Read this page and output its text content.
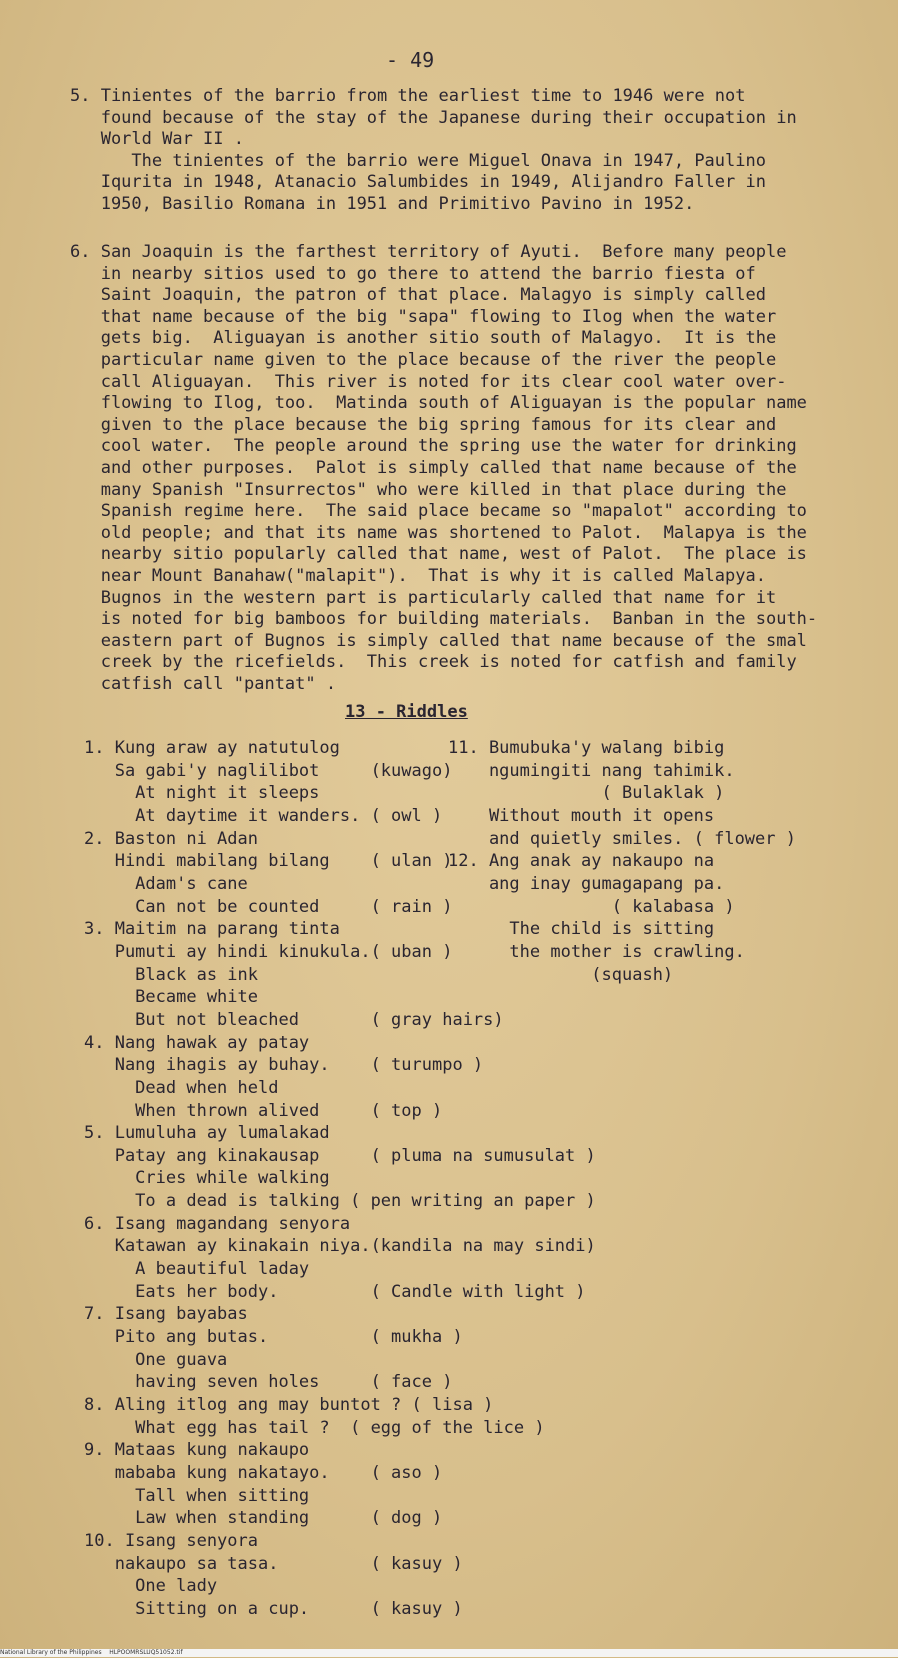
- 49
5. Tinientes of the barrio from the earliest time to 1946 were not
found because of the stay of the Japanese during their occupation in
World War II .
The tinientes of the barrio were Miguel Onava in 1947, Paulino
Iqurita in 1948, Atanacio Salumbides in 1949, Alijandro Faller in
1950, Basilio Romana in 1951 and Primitivo Pavino in 1952.
6. San Joaquin is the farthest territory of Ayuti.  Before many people
in nearby sitios used to go there to attend the barrio fiesta of
Saint Joaquin, the patron of that place. Malagyo is simply called
that name because of the big "sapa" flowing to Ilog when the water
gets big.  Aliguayan is another sitio south of Malagyo.  It is the
particular name given to the place because of the river the people
call Aliguayan.  This river is noted for its clear cool water over-
flowing to Ilog, too.  Matinda south of Aliguayan is the popular name
given to the place because the big spring famous for its clear and
cool water.  The people around the spring use the water for drinking
and other purposes.  Palot is simply called that name because of the
many Spanish "Insurrectos" who were killed in that place during the
Spanish regime here.  The said place became so "mapalot" according to
old people; and that its name was shortened to Palot.  Malapya is the
nearby sitio popularly called that name, west of Palot.  The place is
near Mount Banahaw("malapit").  That is why it is called Malapya.
Bugnos in the western part is particularly called that name for it
is noted for big bamboos for building materials.  Banban in the south-
eastern part of Bugnos is simply called that name because of the smal
creek by the ricefields.  This creek is noted for catfish and family
catfish call "pantat" .
13 - Riddles
1. Kung araw ay natutulog
Sa gabi'y naglilibot     (kuwago)
At night it sleeps
At daytime it wanders. ( owl )
2. Baston ni Adan
Hindi mabilang bilang    ( ulan )
Adam's cane
Can not be counted     ( rain )
3. Maitim na parang tinta
Pumuti ay hindi kinukula.( uban )
Black as ink
Became white
But not bleached       ( gray hairs)
4. Nang hawak ay patay
Nang ihagis ay buhay.    ( turumpo )
Dead when held
When thrown alived     ( top )
5. Lumuluha ay lumalakad
Patay ang kinakausap     ( pluma na sumusulat )
Cries while walking
To a dead is talking ( pen writing an paper )
6. Isang magandang senyora
Katawan ay kinakain niya.(kandila na may sindi)
A beautiful laday
Eats her body.         ( Candle with light )
7. Isang bayabas
Pito ang butas.          ( mukha )
One guava
having seven holes     ( face )
8. Aling itlog ang may buntot ? ( lisa )
What egg has tail ?  ( egg of the lice )
9. Mataas kung nakaupo
mababa kung nakatayo.    ( aso )
Tall when sitting
Law when standing      ( dog )
10. Isang senyora
nakaupo sa tasa.         ( kasuy )
One lady
Sitting on a cup.      ( kasuy )
11. Bumubuka'y walang bibig
ngumingiti nang tahimik.
( Bulaklak )
Without mouth it opens
and quietly smiles. ( flower )
12. Ang anak ay nakaupo na
ang inay gumagapang pa.
( kalabasa )
The child is sitting
the mother is crawling.
(squash)
National Library of the Philippines    HLPOOMRSLUQ51052.tif
